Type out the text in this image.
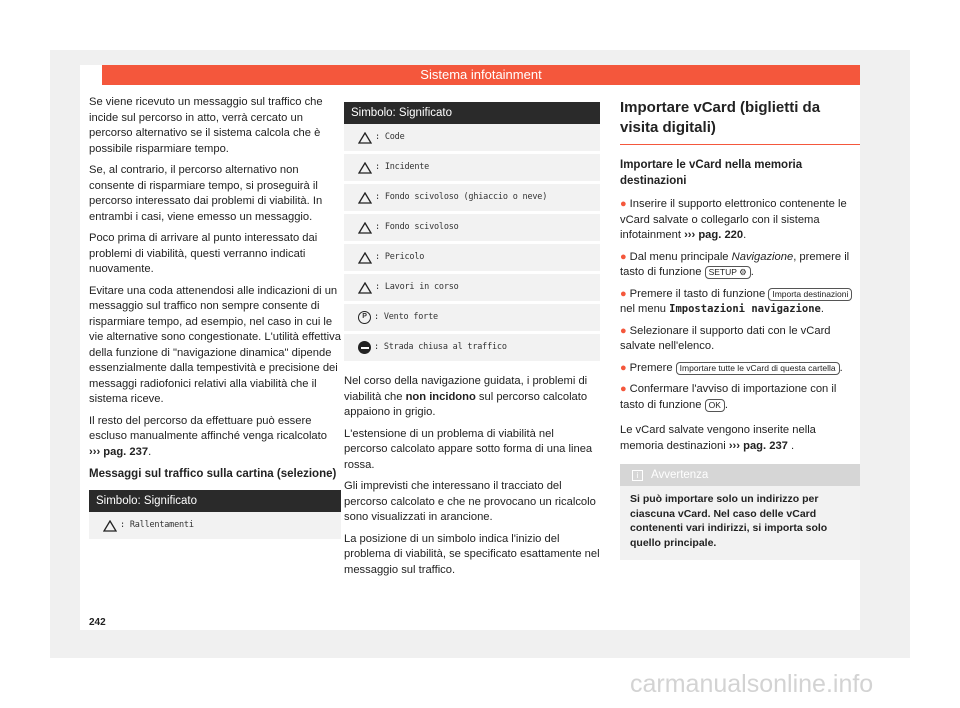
Sistema infotainment

Se viene ricevuto un messaggio sul traffico che incide sul percorso in atto, verrà cercato un percorso alternativo se il sistema calcola che è possibile risparmiare tempo.

Se, al contrario, il percorso alternativo non consente di risparmiare tempo, si proseguirà il percorso interessato dai problemi di viabilità. In entrambi i casi, viene emesso un messaggio.

Poco prima di arrivare al punto interessato dai problemi di viabilità, questi verranno indicati nuovamente.

Evitare una coda attenendosi alle indicazioni di un messaggio sul traffico non sempre consente di risparmiare tempo, ad esempio, nel caso in cui le vie alternative sono congestionate. L'utilità effettiva della funzione di "navigazione dinamica" dipende essenzialmente dalla tempestività e precisione dei messaggi radiofonici relativi alla viabilità che il sistema riceve.

Il resto del percorso da effettuare può essere escluso manualmente affinché venga ricalcolato ››› pag. 237.

Messaggi sul traffico sulla cartina (selezione)
Simbolo: Significato
: Rallentamenti
Simbolo: Significato
: Code
: Incidente
: Fondo scivoloso (ghiaccio o neve)
: Fondo scivoloso
: Pericolo
: Lavori in corso
P : Vento forte
: Strada chiusa al traffico

Nel corso della navigazione guidata, i problemi di viabilità che non incidono sul percorso calcolato appaiono in grigio.

L'estensione di un problema di viabilità nel percorso calcolato appare sotto forma di una linea rossa.

Gli imprevisti che interessano il tracciato del percorso calcolato e che ne provocano un ricalcolo sono visualizzati in arancione.

La posizione di un simbolo indica l'inizio del problema di viabilità, se specificato esattamente nel messaggio sul traffico.

Importare vCard (biglietti da visita digitali)
Importare le vCard nella memoria destinazioni
● Inserire il supporto elettronico contenente le vCard salvate o collegarlo con il sistema infotainment ››› pag. 220.
● Dal menu principale Navigazione, premere il tasto di funzione SETUP ⚙ .
● Premere il tasto di funzione Importa destinazioni nel menu Impostazioni navigazione.
● Selezionare il supporto dati con le vCard salvate nell'elenco.
● Premere Importare tutte le vCard di questa cartella .
● Confermare l'avviso di importazione con il tasto di funzione OK .

Le vCard salvate vengono inserite nella memoria destinazioni ››› pag. 237 .

i Avvertenza
Si può importare solo un indirizzo per ciascuna vCard. Nel caso delle vCard contenenti vari indirizzi, si importa solo quello principale.
242
carmanualsonline.info
